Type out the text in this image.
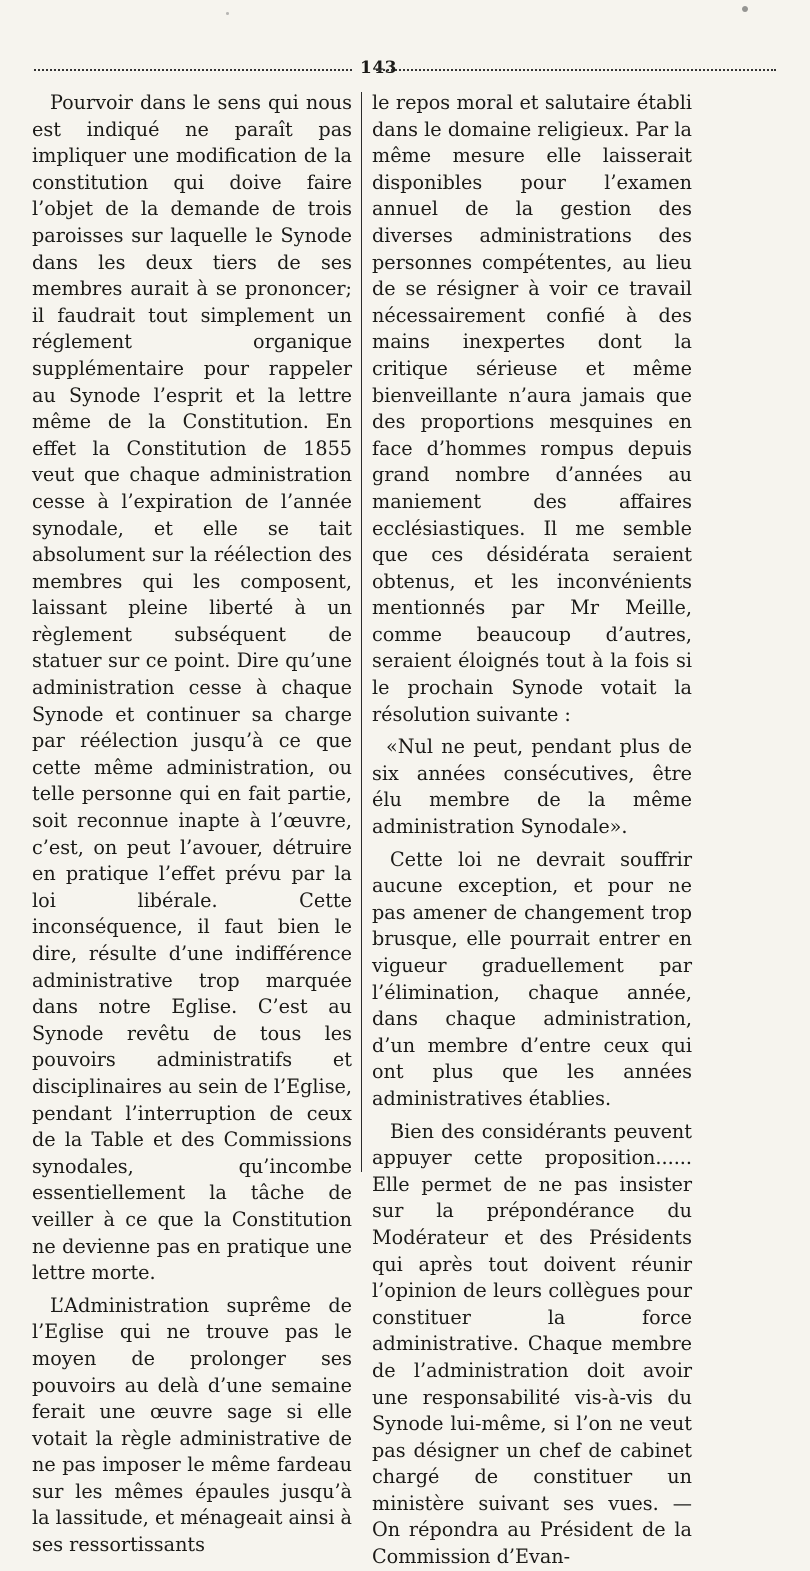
143

Pourvoir dans le sens qui nous est indiqué ne paraît pas impliquer une modification de la constitution qui doive faire l’objet de la demande de trois paroisses sur laquelle le Synode dans les deux tiers de ses membres aurait à se prononcer; il faudrait tout simplement un réglement organique supplémentaire pour rappeler au Synode l’esprit et la lettre même de la Constitution. En effet la Constitution de 1855 veut que chaque administration cesse à l’expiration de l’année synodale, et elle se tait absolument sur la réélection des membres qui les composent, laissant pleine liberté à un règlement subséquent de statuer sur ce point. Dire qu’une administration cesse à chaque Synode et continuer sa charge par réélection jusqu’à ce que cette même administration, ou telle personne qui en fait partie, soit reconnue inapte à l’œuvre, c’est, on peut l’avouer, détruire en pratique l’effet prévu par la loi libérale. Cette inconséquence, il faut bien le dire, résulte d’une indifférence administrative trop marquée dans notre Eglise. C’est au Synode revêtu de tous les pouvoirs administratifs et disciplinaires au sein de l’Eglise, pendant l’interruption de ceux de la Table et des Commissions synodales, qu’incombe essentiellement la tâche de veiller à ce que la Constitution ne devienne pas en pratique une lettre morte.

L’Administration suprême de l’Eglise qui ne trouve pas le moyen de prolonger ses pouvoirs au delà d’une semaine ferait une œuvre sage si elle votait la règle administrative de ne pas imposer le même fardeau sur les mêmes épaules jusqu’à la lassitude, et ménageait ainsi à ses ressortissants

le repos moral et salutaire établi dans le domaine religieux. Par la même mesure elle laisserait disponibles pour l’examen annuel de la gestion des diverses administrations des personnes compétentes, au lieu de se résigner à voir ce travail nécessairement confié à des mains inexpertes dont la critique sérieuse et même bienveillante n’aura jamais que des proportions mesquines en face d’hommes rompus depuis grand nombre d’années au maniement des affaires ecclésiastiques. Il me semble que ces désidérata seraient obtenus, et les inconvénients mentionnés par Mr Meille, comme beaucoup d’autres, seraient éloignés tout à la fois si le prochain Synode votait la résolution suivante :

«Nul ne peut, pendant plus de six années consécutives, être élu membre de la même administration Synodale».

Cette loi ne devrait souffrir aucune exception, et pour ne pas amener de changement trop brusque, elle pourrait entrer en vigueur graduellement par l’élimination, chaque année, dans chaque administration, d’un membre d’entre ceux qui ont plus que les années administratives établies.

Bien des considérants peuvent appuyer cette proposition...... Elle permet de ne pas insister sur la prépondérance du Modérateur et des Présidents qui après tout doivent réunir l’opinion de leurs collègues pour constituer la force administrative. Chaque membre de l’administration doit avoir une responsabilité vis-à-vis du Synode lui-même, si l’on ne veut pas désigner un chef de cabinet chargé de constituer un ministère suivant ses vues. — On répondra au Président de la Commission d’Evan-
